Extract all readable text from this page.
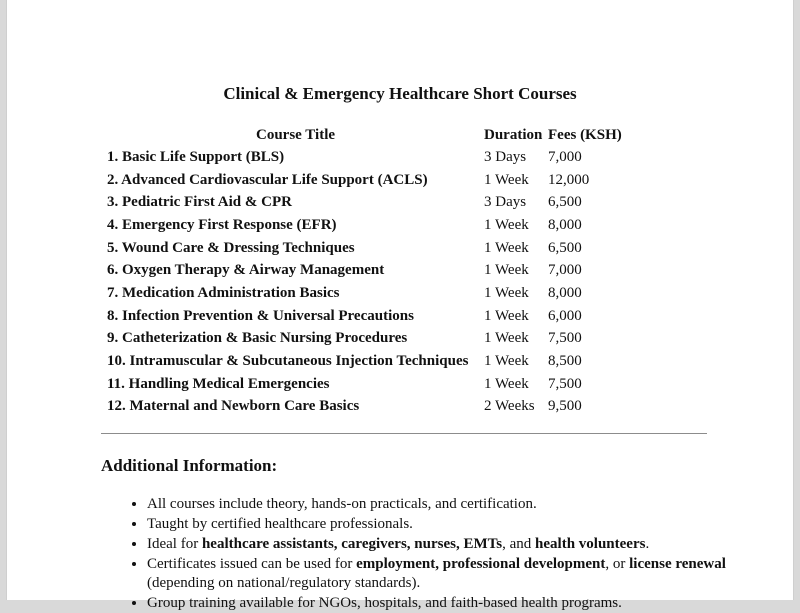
Clinical & Emergency Healthcare Short Courses
Course Title	Duration	Fees (KSH)
1. Basic Life Support (BLS)	3 Days	7,000
2. Advanced Cardiovascular Life Support (ACLS)	1 Week	12,000
3. Pediatric First Aid & CPR	3 Days	6,500
4. Emergency First Response (EFR)	1 Week	8,000
5. Wound Care & Dressing Techniques	1 Week	6,500
6. Oxygen Therapy & Airway Management	1 Week	7,000
7. Medication Administration Basics	1 Week	8,000
8. Infection Prevention & Universal Precautions	1 Week	6,000
9. Catheterization & Basic Nursing Procedures	1 Week	7,500
10. Intramuscular & Subcutaneous Injection Techniques	1 Week	8,500
11. Handling Medical Emergencies	1 Week	7,500
12. Maternal and Newborn Care Basics	2 Weeks	9,500
Additional Information:
• All courses include theory, hands-on practicals, and certification.
• Taught by certified healthcare professionals.
• Ideal for healthcare assistants, caregivers, nurses, EMTs, and health volunteers.
• Certificates issued can be used for employment, professional development, or license renewal (depending on national/regulatory standards).
• Group training available for NGOs, hospitals, and faith-based health programs.
